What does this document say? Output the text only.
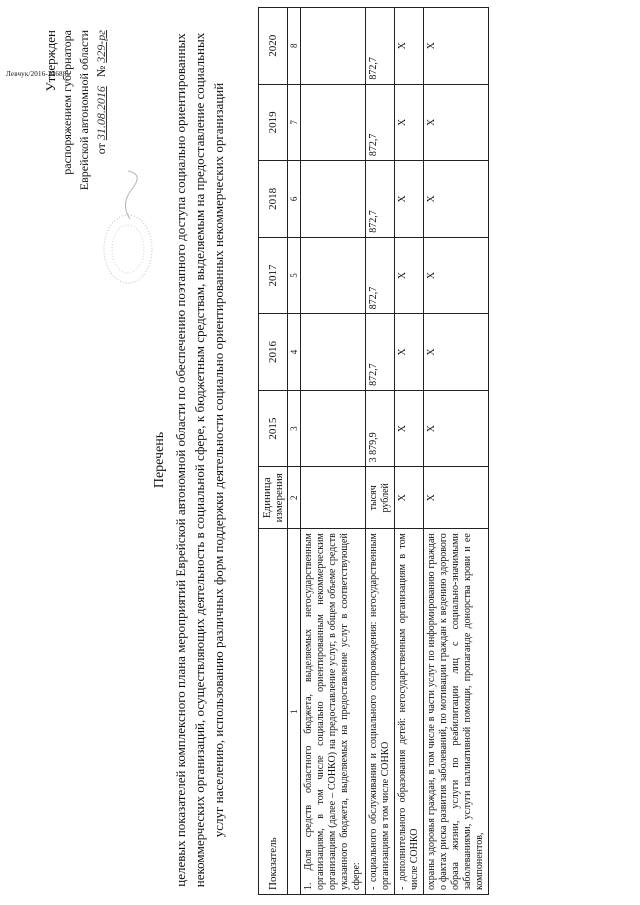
Левчук/2016-21688
Утвержден распоряжением губернатора Еврейской автономной области от 31.08.2016 № 329-рг
Перечень целевых показателей комплексного плана мероприятий Еврейской автономной области по обеспечению поэтапного доступа социально ориентированных некоммерческих организаций, осуществляющих деятельность в социальной сфере, к бюджетным средствам, выделяемым на предоставление социальных услуг населению, использованию различных форм поддержки деятельности социально ориентированных некоммерческих организаций
Показатель	Единица измерения	2015	2016	2017	2018	2019	2020
1	2	3	4	5	6	7	8
1. Доля средств областного бюджета, выделяемых негосударственным организациям, в том числе социально ориентированным некоммерческим организациям (далее – СОНКО) на предоставление услуг, в общем объеме средств указанного бюджета, выделяемых на предоставление услуг в соответствующей сфере:							
- социального обслуживания и социального сопровождения: негосударственным организациям в том числе СОНКО	тысяч рублей	3 879,9	872,7	872,7	872,7	872,7	872,7
- дополнительного образования детей: негосударственным организациям в том числе СОНКО	Х	Х	Х	Х	Х	Х	Х
охраны здоровья граждан, в том числе в части услуг по информированию граждан о фактах риска развития заболеваний, по мотивации граждан к ведению здорового образа жизни, услуги по реабилитации лиц с социально-значимыми заболеваниями, услуги паллиативной помощи, пропаганде донорства крови и ее компонентов,	Х	Х	Х	Х	Х	Х	Х
